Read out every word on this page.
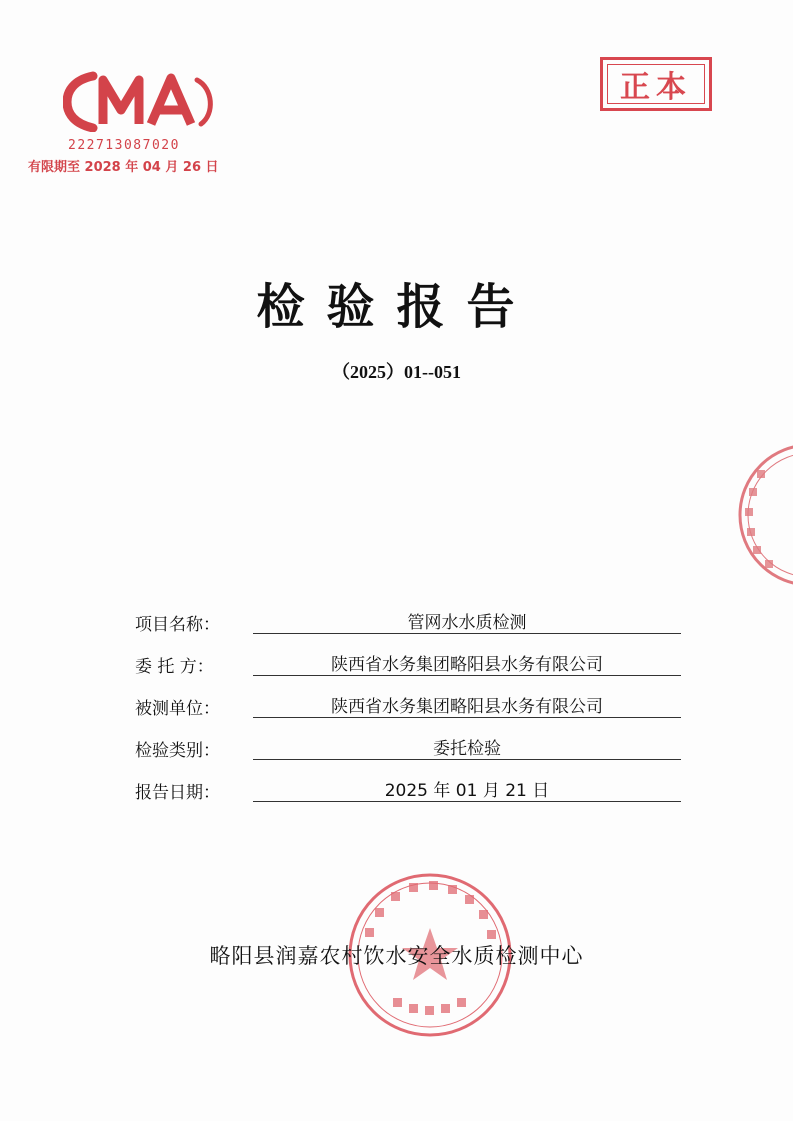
222713087020
有限期至 2028 年 04 月 26 日
正本
检验报告
（2025）01--051
项目名称：	管网水水质检测
委 托 方：	陕西省水务集团略阳县水务有限公司
被测单位：	陕西省水务集团略阳县水务有限公司
检验类别：	委托检验
报告日期：	2025 年 01 月 21 日
略阳县润嘉农村饮水安全水质检测中心
